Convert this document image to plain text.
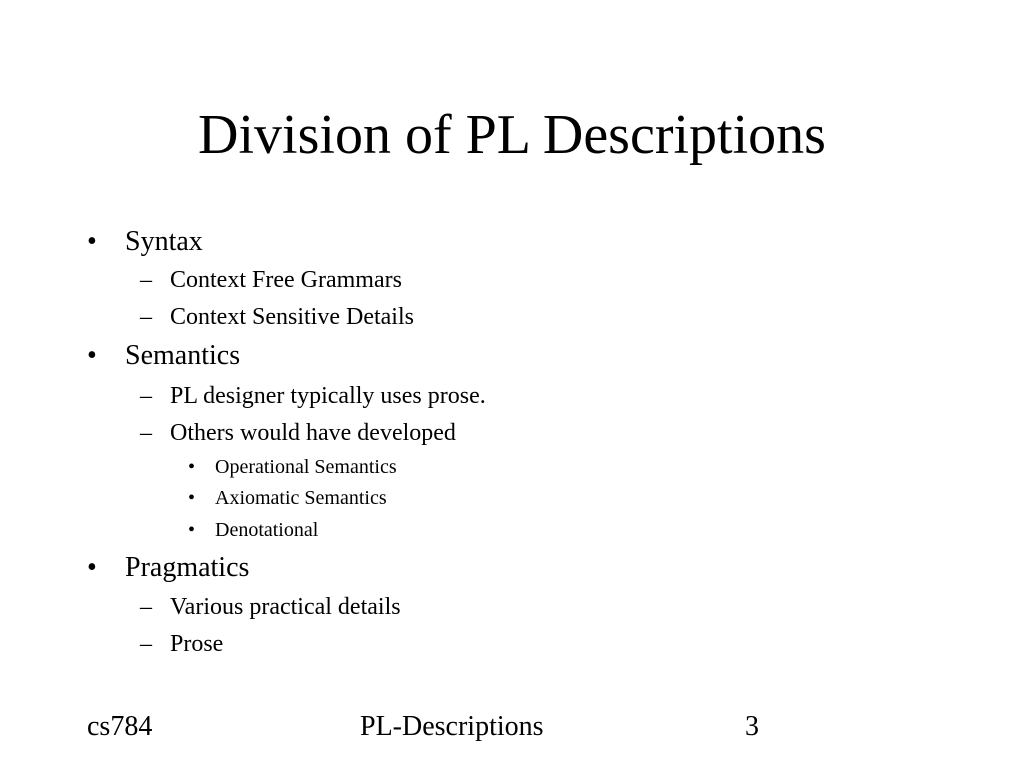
Division of PL Descriptions
• Syntax
– Context Free Grammars
– Context Sensitive Details
• Semantics
– PL designer typically uses prose.
– Others would have developed
• Operational Semantics
• Axiomatic Semantics
• Denotational
• Pragmatics
– Various practical details
– Prose
cs784	PL-Descriptions	3
